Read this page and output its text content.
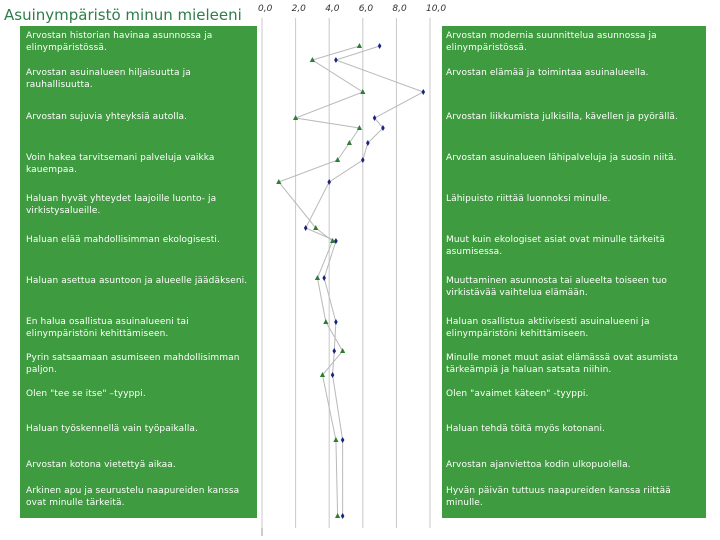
Asuinympäristö minun mieleeni
Arvostan historian havinaa asunnossa ja elinympäristössä.
Arvostan asuinalueen hiljaisuutta ja rauhallisuutta.
Arvostan sujuvia yhteyksiä autolla.
Voin hakea tarvitsemani palveluja vaikka kauempaa.
Haluan hyvät yhteydet laajoille luonto- ja virkistysalueille.
Haluan elää mahdollisimman ekologisesti.
Haluan asettua asuntoon ja alueelle jäädäkseni.
En halua osallistua asuinalueeni tai elinympäristöni kehittämiseen.
Pyrin satsaamaan asumiseen mahdollisimman paljon.
Olen "tee se itse" –tyyppi.
Haluan työskennellä vain työpaikalla.
Arvostan kotona vietettyä aikaa.
Arkinen apu ja seurustelu naapureiden kanssa ovat minulle tärkeitä.
Arvostan modernia suunnittelua asunnossa ja elinympäristössä.
Arvostan elämää ja toimintaa asuinalueella.
Arvostan liikkumista julkisilla, kävellen ja pyörällä.
Arvostan asuinalueen lähipalveluja ja suosin niitä.
Lähipuisto riittää luonnoksi minulle.
Muut kuin ekologiset asiat ovat minulle tärkeitä asumisessa.
Muuttaminen asunnosta tai alueelta toiseen tuo virkistävää vaihtelua elämään.
Haluan osallistua aktiivisesti asuinalueeni ja elinympäristöni kehittämiseen.
Minulle monet muut asiat elämässä ovat asumista tärkeämpiä ja haluan satsata niihin.
Olen "avaimet käteen" -tyyppi.
Haluan tehdä töitä myös kotonani.
Arvostan ajanviettoa kodin ulkopuolella.
Hyvän päivän tuttuus naapureiden kanssa riittää minulle.
0,0 2,0 4,0 6,0 8,0 10,0
